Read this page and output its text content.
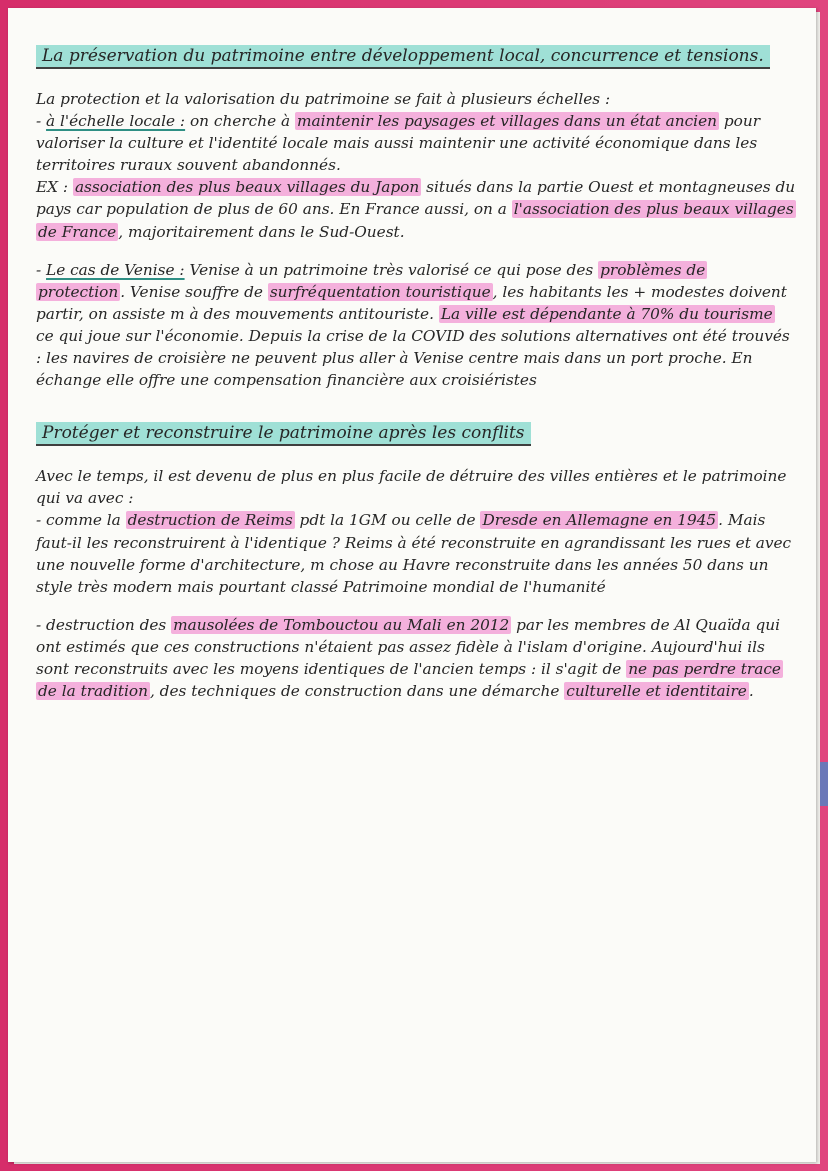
La préservation du patrimoine entre développement local, concurrence et tensions.

La protection et la valorisation du patrimoine se fait à plusieurs échelles :

- à l'échelle locale : on cherche à maintenir les paysages et villages dans un état ancien pour valoriser la culture et l'identité locale mais aussi maintenir une activité économique dans les territoires ruraux souvent abandonnés.

EX : association des plus beaux villages du Japon situés dans la partie Ouest et montagneuses du pays car population de plus de 60 ans. En France aussi, on a l'association des plus beaux villages de France , majoritairement dans le Sud-Ouest.

- Le cas de Venise : Venise à un patrimoine très valorisé ce qui pose des problèmes de protection . Venise souffre de surfréquentation touristique , les habitants les + modestes doivent partir, on assiste m à des mouvements antitouriste. La ville est dépendante à 70% du tourisme ce qui joue sur l'économie. Depuis la crise de la COVID des solutions alternatives ont été trouvés : les navires de croisière ne peuvent plus aller à Venise centre mais dans un port proche. En échange elle offre une compensation financière aux croisiéristes

Protéger et reconstruire le patrimoine après les conflits

Avec le temps, il est devenu de plus en plus facile de détruire des villes entières et le patrimoine qui va avec :

- comme la destruction de Reims pdt la 1GM ou celle de Dresde en Allemagne en 1945 . Mais faut-il les reconstruirent à l'identique ? Reims à été reconstruite en agrandissant les rues et avec une nouvelle forme d'architecture, m chose au Havre reconstruite dans les années 50 dans un style très modern mais pourtant classé Patrimoine mondial de l'humanité

- destruction des mausolées de Tombouctou au Mali en 2012 par les membres de Al Quaïda qui ont estimés que ces constructions n'étaient pas assez fidèle à l'islam d'origine. Aujourd'hui ils sont reconstruits avec les moyens identiques de l'ancien temps : il s'agit de ne pas perdre trace de la tradition , des techniques de construction dans une démarche culturelle et identitaire .
